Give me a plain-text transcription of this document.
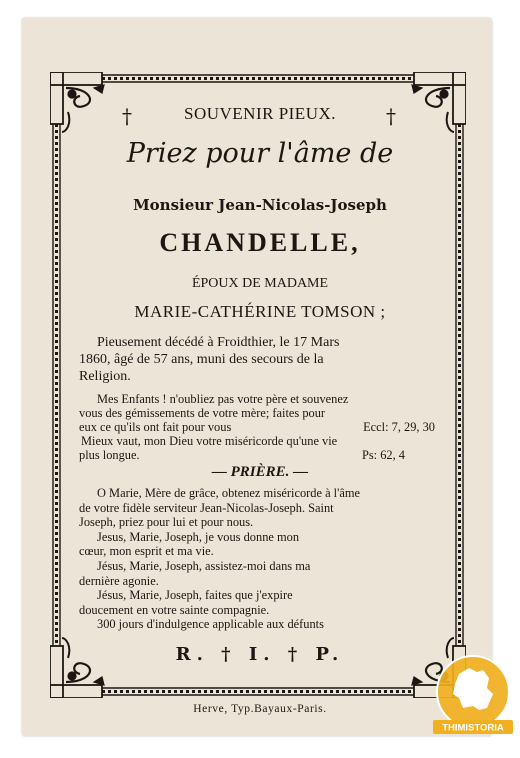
†	†
SOUVENIR PIEUX.
Priez pour l'âme de
Monsieur Jean-Nicolas-Joseph
CHANDELLE,
ÉPOUX DE MADAME
MARIE-CATHÉRINE TOMSON ;
Pieusement décédé à Froidthier, le 17 Mars
1860, âgé de 57 ans, muni des secours de la
Religion.
Mes Enfants ! n'oubliez pas votre père et souvenez
vous des gémissements de votre mère; faites pour
eux ce qu'ils ont fait pour vous	Eccl: 7, 29, 30
Mieux vaut, mon Dieu votre miséricorde qu'une vie
plus longue.	Ps: 62, 4
— PRIÈRE. —
O Marie, Mère de grâce, obtenez miséricorde à l'âme
de votre fidèle serviteur Jean-Nicolas-Joseph. Saint
Joseph, priez pour lui et pour nous.
Jesus, Marie, Joseph, je vous donne mon
cœur, mon esprit et ma vie.
Jésus, Marie, Joseph, assistez-moi dans ma
dernière agonie.
Jésus, Marie, Joseph, faites que j'expire
doucement en votre sainte compagnie.
300 jours d'indulgence applicable aux défunts
R. † I. † P.
Herve, Typ.Bayaux-Paris.
THIMISTORIA
